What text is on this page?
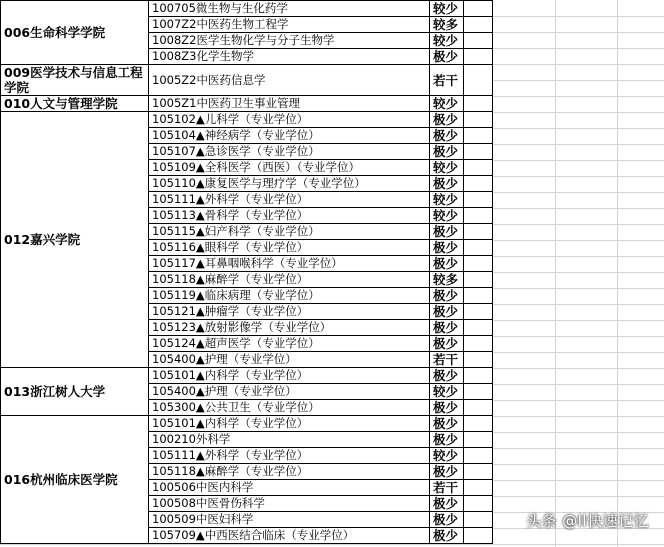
006生命科学学院	100705微生物与生化药学	较少	
	1007Z2中医药生物工程学	较多	
	1008Z2医学生物化学与分子生物学	较少	
	1008Z3化学生物学	极少	
009医学技术与信息工程学院	1005Z2中医药信息学	若干	
010人文与管理学院	1005Z1中医药卫生事业管理	较少	
012嘉兴学院	105102▲儿科学（专业学位）	极少	
	105104▲神经病学（专业学位）	极少	
	105107▲急诊医学（专业学位）	极少	
	105109▲全科医学（西医）（专业学位）	较少	
	105110▲康复医学与理疗学（专业学位）	极少	
	105111▲外科学（专业学位）	较少	
	105113▲骨科学（专业学位）	较少	
	105115▲妇产科学（专业学位）	极少	
	105116▲眼科学（专业学位）	极少	
	105117▲耳鼻咽喉科学（专业学位）	极少	
	105118▲麻醉学（专业学位）	较多	
	105119▲临床病理（专业学位）	极少	
	105121▲肿瘤学（专业学位）	极少	
	105123▲放射影像学（专业学位）	极少	
	105124▲超声医学（专业学位）	极少	
	105400▲护理（专业学位）	若干	
013浙江树人大学	105101▲内科学（专业学位）	极少	
	105400▲护理（专业学位）	较少	
	105300▲公共卫生（专业学位）	极少	
016杭州临床医学院	105101▲内科学（专业学位）	极少	
	100210外科学	极少	
	105111▲外科学（专业学位）	较少	
	105118▲麻醉学（专业学位）	极少	
	100506中医内科学	若干	
	100508中医骨伤科学	极少	
	100509中医妇科学	极少	
	105709▲中西医结合临床（专业学位）	极少	
头条 @ll快速记忆
